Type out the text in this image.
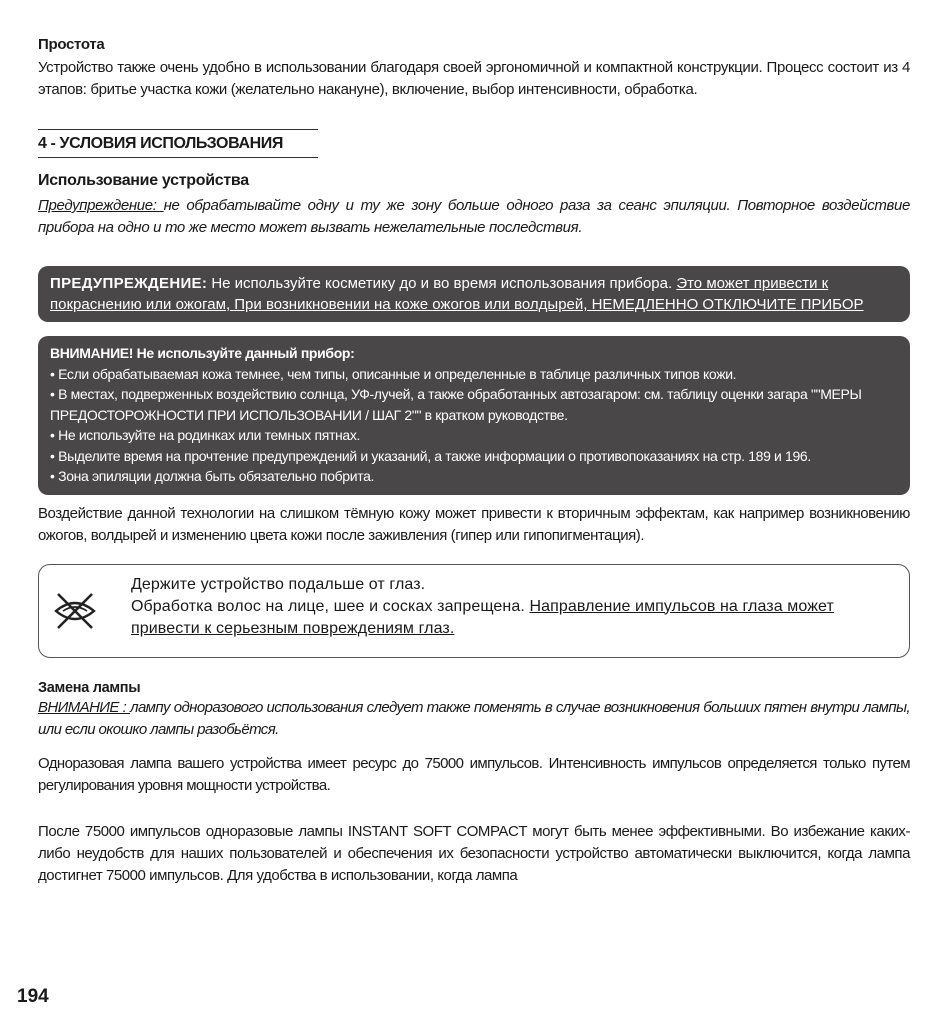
Простота

Устройство также очень удобно в использовании благодаря своей эргономичной и компактной конструкции. Процесс состоит из 4 этапов: бритье участка кожи (желательно накануне), включение, выбор интенсивности, обработка.

4 - УСЛОВИЯ ИСПОЛЬЗОВАНИЯ

Использование устройства

Предупреждение: не обрабатывайте одну и ту же зону больше одного раза за сеанс эпиляции. Повторное воздействие прибора на одно и то же место может вызвать нежелательные последствия.

ПРЕДУПРЕЖДЕНИЕ: Не используйте косметику до и во время использования прибора. Это может привести к покраснению или ожогам, При возникновении на коже ожогов или волдырей, НЕМЕДЛЕННО ОТКЛЮЧИТЕ ПРИБОР
ВНИМАНИЕ! Не используйте данный прибор:
• Если обрабатываемая кожа темнее, чем типы, описанные и определенные в таблице различных типов кожи.
• В местах, подверженных воздействию солнца, УФ-лучей, а также обработанных автозагаром: см. таблицу оценки загара ""МЕРЫ ПРЕДОСТОРОЖНОСТИ ПРИ ИСПОЛЬЗОВАНИИ / ШАГ 2"" в кратком руководстве.
• Не используйте на родинках или темных пятнах.
• Выделите время на прочтение предупреждений и указаний, а также информации о противопоказаниях на стр. 189 и 196.
• Зона эпиляции должна быть обязательно побрита.

Воздействие данной технологии на слишком тёмную кожу может привести к вторичным эффектам, как например возникновению ожогов, волдырей и изменению цвета кожи после заживления (гипер или гипопигментация).

Держите устройство подальше от глаз.
Обработка волос на лице, шее и сосках запрещена. Направление импульсов на глаза может привести к серьезным повреждениям глаз.

Замена лампы

ВНИМАНИЕ : лампу одноразового использования следует также поменять в случае возникновения больших пятен внутри лампы, или если окошко лампы разобьётся.

Одноразовая лампа вашего устройства имеет ресурс до 75000 импульсов. Интенсивность импульсов определяется только путем регулирования уровня мощности устройства.

После 75000 импульсов одноразовые лампы INSTANT SOFT COMPACT могут быть менее эффективными. Во избежание каких-либо неудобств для наших пользователей и обеспечения их безопасности устройство автоматически выключится, когда лампа достигнет 75000 импульсов. Для удобства в использовании, когда лампа

194
